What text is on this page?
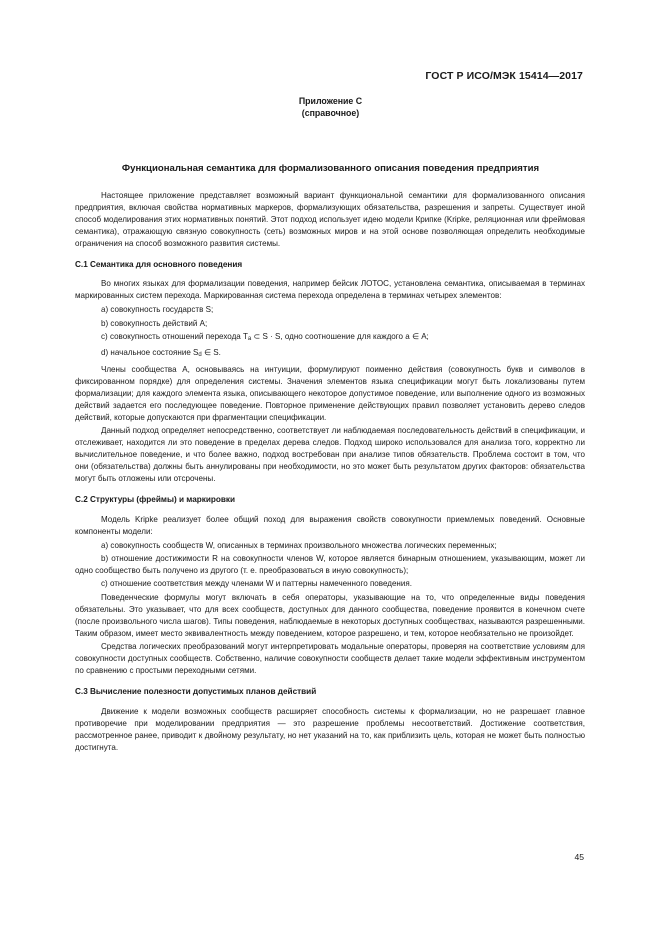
ГОСТ Р ИСО/МЭК 15414—2017
Приложение С
(справочное)
Функциональная семантика для формализованного описания поведения предприятия

Настоящее приложение представляет возможный вариант функциональной семантики для формализованного описания предприятия, включая свойства нормативных маркеров, формализующих обязательства, разрешения и запреты. Существует иной способ моделирования этих нормативных понятий. Этот подход использует идею модели Крипке (Kripke, реляционная или фреймовая семантика), отражающую связную совокупность (сеть) возможных миров и на этой основе позволяющая определить необходимые ограничения на способ возможного развития системы.

С.1 Семантика для основного поведения

Во многих языках для формализации поведения, например бейсик ЛОТОС, установлена семантика, описываемая в терминах маркированных систем перехода. Маркированная система перехода определена в терминах четырех элементов:

а) совокупность государств S;

b) совокупность действий А;

с) совокупность отношений перехода Та ⊂ S · S, одно соотношение для каждого а ∈ А;

d) начальное состояние Sd ∈ S.

Члены сообщества А, основываясь на интуиции, формулируют поименно действия (совокупность букв и символов в фиксированном порядке) для определения системы. Значения элементов языка спецификации могут быть локализованы путем формализации; для каждого элемента языка, описывающего некоторое допустимое поведение, или выполнение одного из возможных действий задается его последующее поведение. Повторное применение действующих правил позволяет установить дерево следов действий, которые допускаются при фрагментации спецификации.

Данный подход определяет непосредственно, соответствует ли наблюдаемая последовательность действий в спецификации, и отслеживает, находится ли это поведение в пределах дерева следов. Подход широко использовался для анализа того, корректно ли вычислительное поведение, и что более важно, подход востребован при анализе типов обязательств. Проблема состоит в том, что они (обязательства) должны быть аннулированы при необходимости, но это может быть результатом других факторов: обязательства могут быть отложены или отсрочены.

С.2 Структуры (фреймы) и маркировки

Модель Kripke реализует более общий поход для выражения свойств совокупности приемлемых поведений. Основные компоненты модели:

а) совокупность сообществ W, описанных в терминах произвольного множества логических переменных;

b) отношение достижимости R на совокупности членов W, которое является бинарным отношением, указывающим, может ли одно сообщество быть получено из другого (т. е. преобразоваться в иную совокупность);

с) отношение соответствия между членами W и паттерны намеченного поведения.

Поведенческие формулы могут включать в себя операторы, указывающие на то, что определенные виды поведения обязательны. Это указывает, что для всех сообществ, доступных для данного сообщества, поведение проявится в конечном счете (после произвольного числа шагов). Типы поведения, наблюдаемые в некоторых доступных сообществах, называются разрешенными. Таким образом, имеет место эквивалентность между поведением, которое разрешено, и тем, которое необязательно не произойдет.

Средства логических преобразований могут интерпретировать модальные операторы, проверяя на соответствие условиям для совокупности доступных сообществ. Собственно, наличие совокупности сообществ делает такие модели эффективным инструментом по сравнению с простыми переходными сетями.

С.3 Вычисление полезности допустимых планов действий

Движение к модели возможных сообществ расширяет способность системы к формализации, но не разрешает главное противоречие при моделировании предприятия — это разрешение проблемы несоответствий. Достижение соответствия, рассмотренное ранее, приводит к двойному результату, но нет указаний на то, как приблизить цель, которая не может быть полностью достигнута.

45
